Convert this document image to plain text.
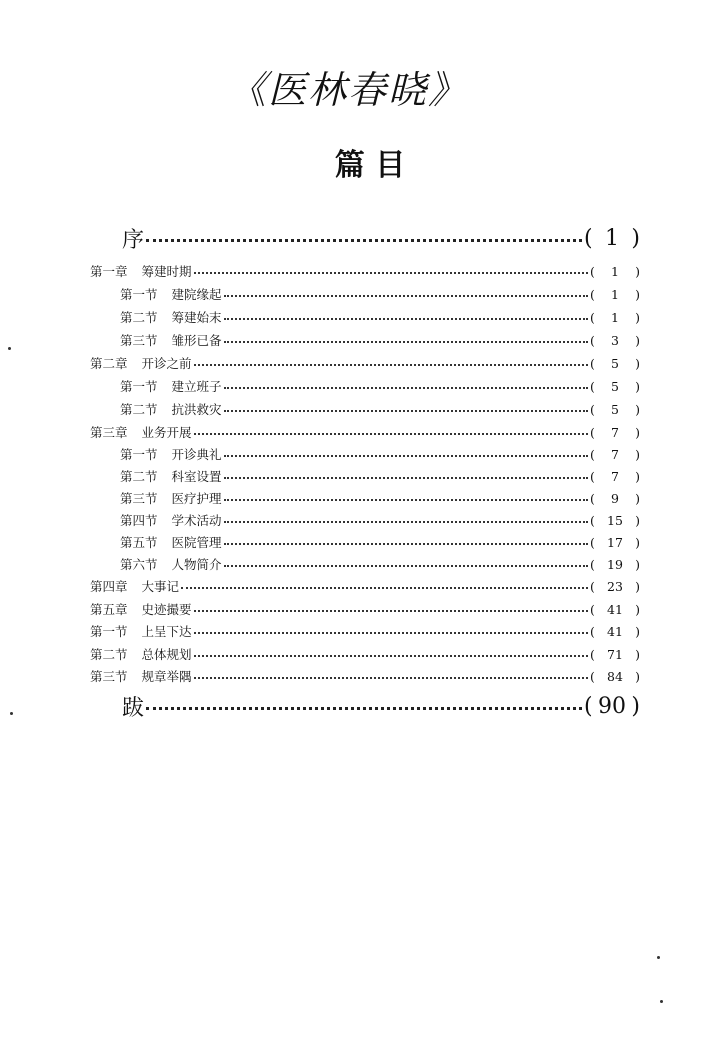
《医林春晓》
篇 目
序	( 1 )
第一章 筹建时期	(	1	)
第一节 建院缘起	(	1	)
第二节 筹建始末	(	1	)
第三节 雏形已备	(	3	)
第二章 开诊之前	(	5	)
第一节 建立班子	(	5	)
第二节 抗洪救灾	(	5	)
第三章 业务开展	(	7	)
第一节 开诊典礼	(	7	)
第二节 科室设置	(	7	)
第三节 医疗护理	(	9	)
第四节 学术活动	( 15 )
第五节 医院管理	( 17 )
第六节 人物简介	( 19 )
第四章 大事记	( 23 )
第五章 史迹撮要	( 41 )
第一节 上呈下达	( 41 )
第二节 总体规划	( 71 )
第三节 规章举隅	( 84 )
跋	( 90 )
